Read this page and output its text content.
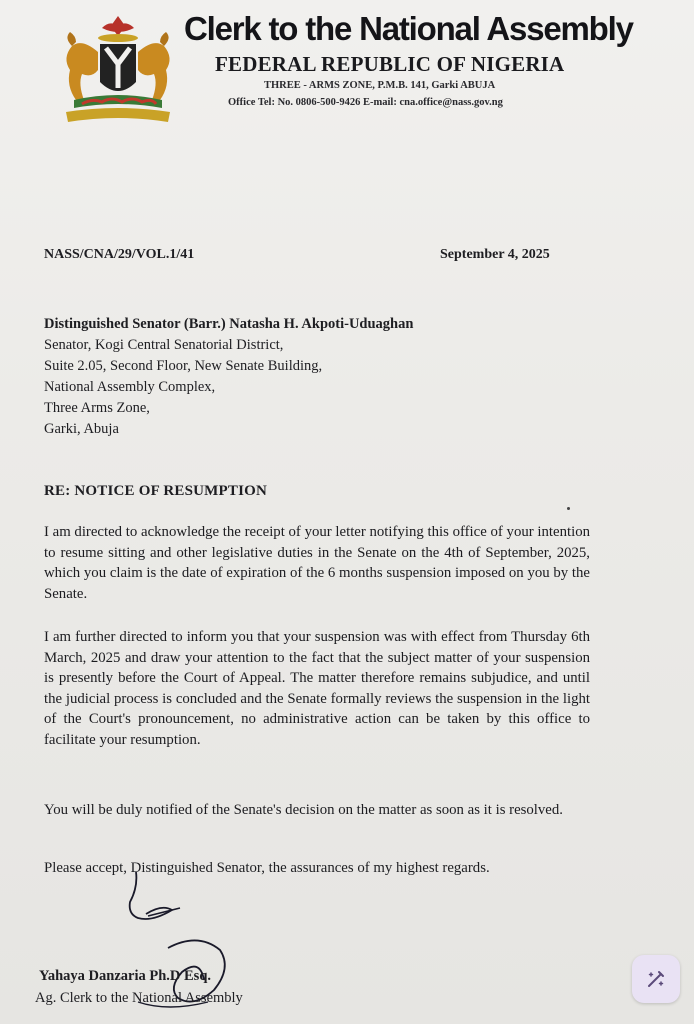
Clerk to the National Assembly
FEDERAL REPUBLIC OF NIGERIA
THREE - ARMS ZONE, P.M.B. 141, Garki ABUJA
Office Tel: No. 0806-500-9426 E-mail: cna.office@nass.gov.ng
NASS/CNA/29/VOL.1/41	September 4, 2025
Distinguished Senator (Barr.) Natasha H. Akpoti-Uduaghan
Senator, Kogi Central Senatorial District,
Suite 2.05, Second Floor, New Senate Building,
National Assembly Complex,
Three Arms Zone,
Garki, Abuja
RE: NOTICE OF RESUMPTION
I am directed to acknowledge the receipt of your letter notifying this office of your intention to resume sitting and other legislative duties in the Senate on the 4th of September, 2025, which you claim is the date of expiration of the 6 months suspension imposed on you by the Senate.
I am further directed to inform you that your suspension was with effect from Thursday 6th March, 2025 and draw your attention to the fact that the subject matter of your suspension is presently before the Court of Appeal. The matter therefore remains subjudice, and until the judicial process is concluded and the Senate formally reviews the suspension in the light of the Court's pronouncement, no administrative action can be taken by this office to facilitate your resumption.
You will be duly notified of the Senate's decision on the matter as soon as it is resolved.
Please accept, Distinguished Senator, the assurances of my highest regards.
Yahaya Danzaria Ph.D Esq.
Ag. Clerk to the National Assembly
